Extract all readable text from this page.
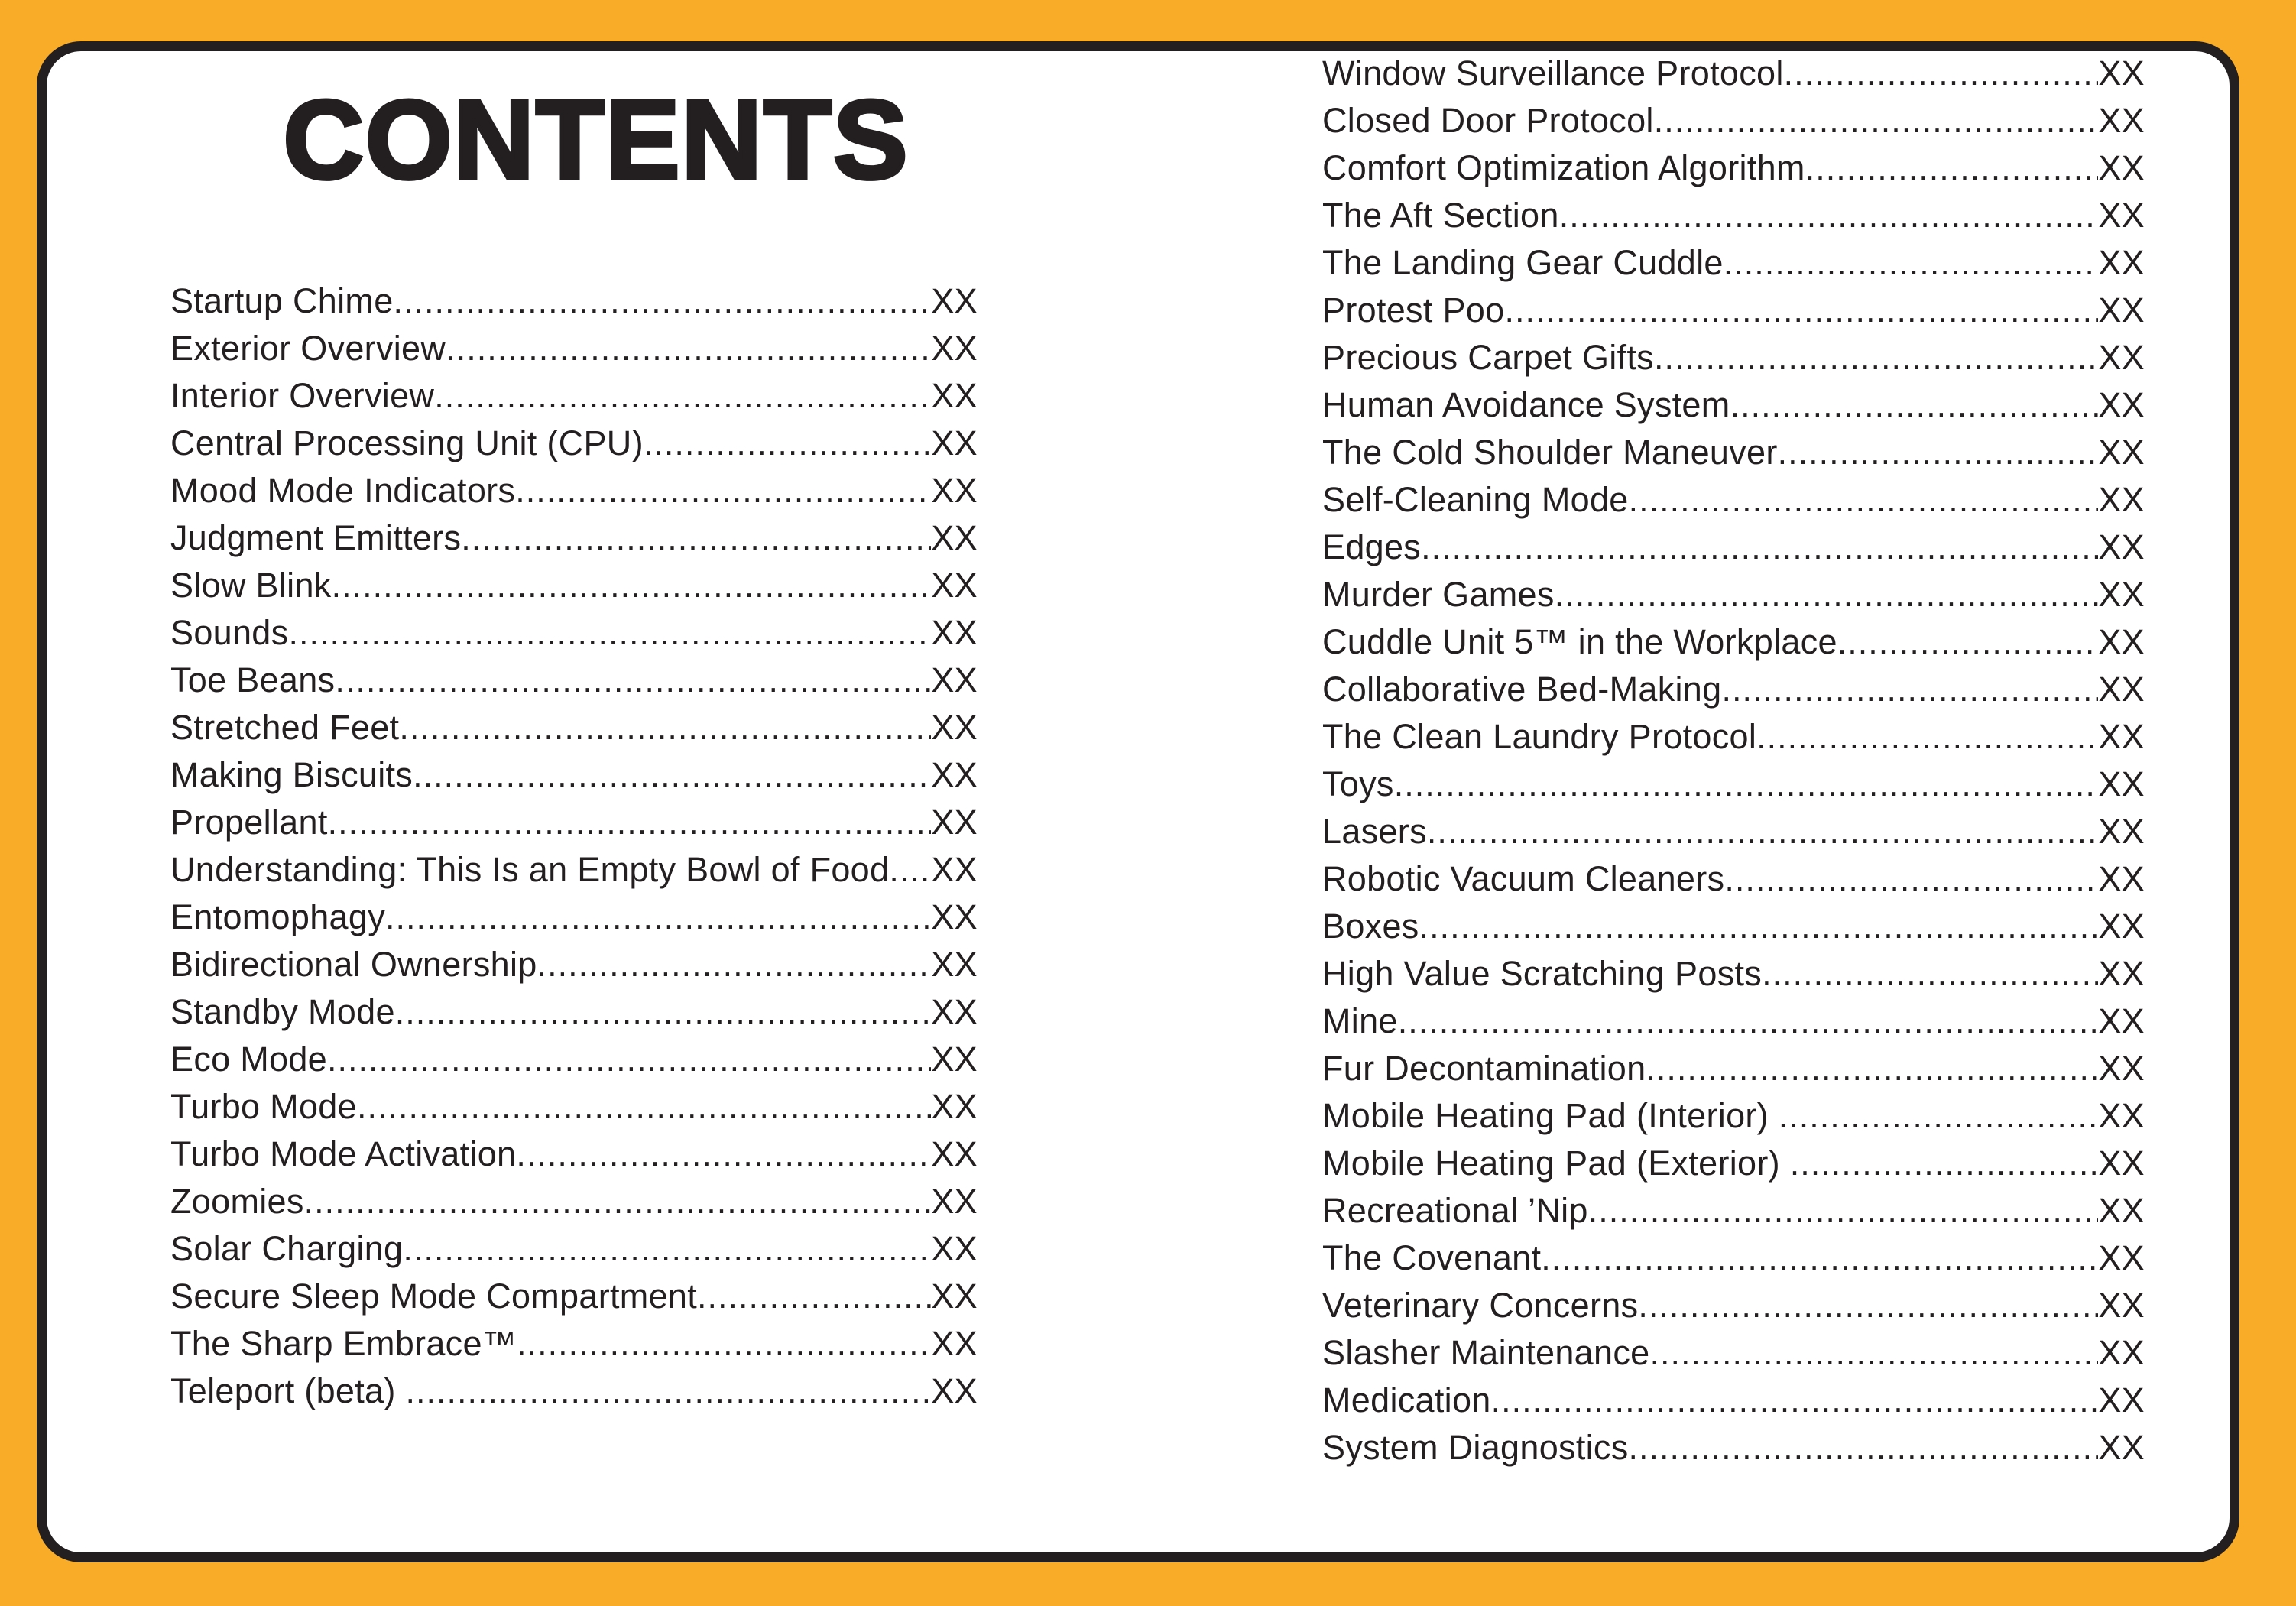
CONTENTS
Startup Chime .....	XX
Exterior Overview .....	XX
Interior Overview .....	XX
Central Processing Unit (CPU) .....	XX
Mood Mode Indicators .....	XX
Judgment Emitters .....	XX
Slow Blink .....	XX
Sounds .....	XX
Toe Beans .....	XX
Stretched Feet .....	XX
Making Biscuits .....	XX
Propellant .....	XX
Understanding: This Is an Empty Bowl of Food ..... XX
Entomophagy .....	XX
Bidirectional Ownership .....	XX
Standby Mode .....	XX
Eco Mode .....	XX
Turbo Mode .....	XX
Turbo Mode Activation .....	XX
Zoomies .....	XX
Solar Charging .....	XX
Secure Sleep Mode Compartment .....	XX
The Sharp Embrace™ .....	XX
Teleport (beta) .....	XX
Window Surveillance Protocol .....	XX
Closed Door Protocol .....	XX
Comfort Optimization Algorithm .....	XX
The Aft Section .....	XX
The Landing Gear Cuddle .....	XX
Protest Poo .....	XX
Precious Carpet Gifts .....	XX
Human Avoidance System .....	XX
The Cold Shoulder Maneuver .....	XX
Self-Cleaning Mode .....	XX
Edges .....	XX
Murder Games .....	XX
Cuddle Unit 5™ in the Workplace .....	XX
Collaborative Bed-Making .....	XX
The Clean Laundry Protocol .....	XX
Toys .....	XX
Lasers .....	XX
Robotic Vacuum Cleaners .....	XX
Boxes .....	XX
High Value Scratching Posts .....	XX
Mine .....	XX
Fur Decontamination .....	XX
Mobile Heating Pad (Interior) .....	XX
Mobile Heating Pad (Exterior) .....	XX
Recreational ’Nip .....	XX
The Covenant .....	XX
Veterinary Concerns .....	XX
Slasher Maintenance .....	XX
Medication .....	XX
System Diagnostics .....	XX
